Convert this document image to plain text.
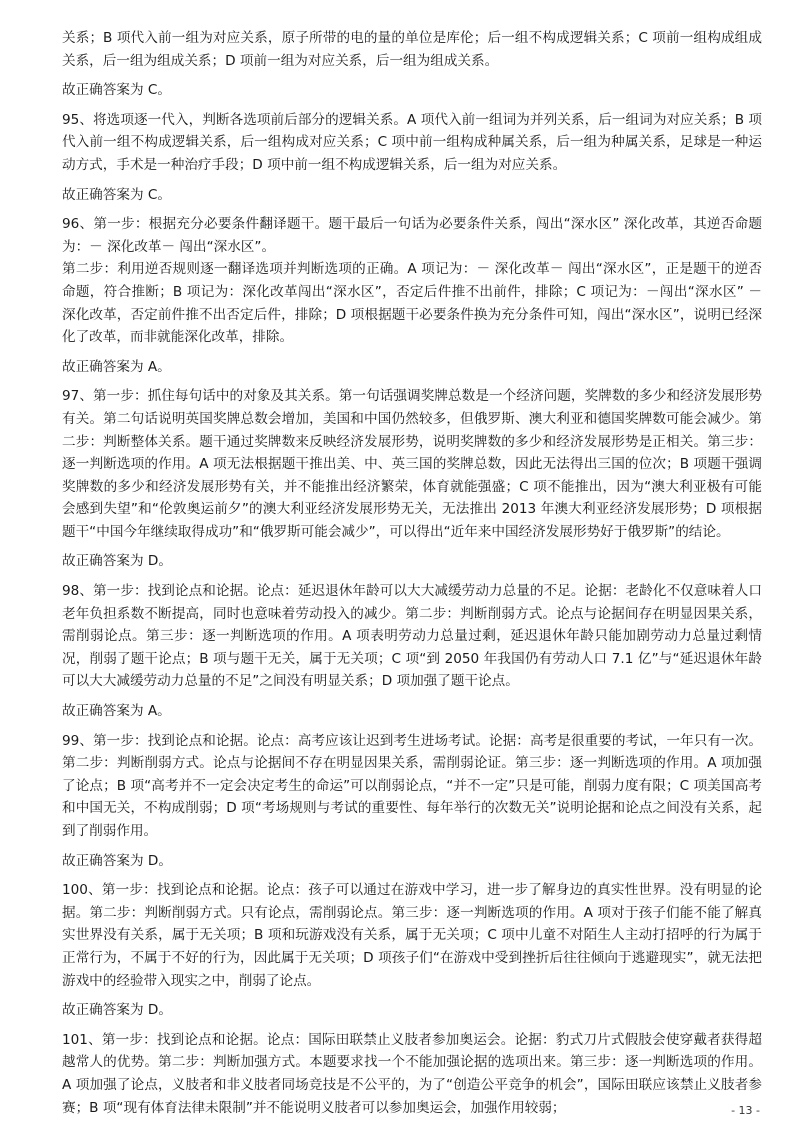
关系；B 项代入前一组为对应关系，原子所带的电的量的单位是库伦；后一组不构成逻辑关系；C 项前一组构成组成关系，后一组为组成关系；D 项前一组为对应关系，后一组为组成关系。

故正确答案为 C。

95、将选项逐一代入，判断各选项前后部分的逻辑关系。A 项代入前一组词为并列关系，后一组词为对应关系；B 项代入前一组不构成逻辑关系，后一组构成对应关系；C 项中前一组构成种属关系，后一组为种属关系，足球是一种运动方式，手术是一种治疗手段；D 项中前一组不构成逻辑关系，后一组为对应关系。

故正确答案为 C。

96、第一步：根据充分必要条件翻译题干。题干最后一句话为必要条件关系，闯出“深水区” 深化改革，其逆否命题为：－ 深化改革－ 闯出“深水区”。

第二步：利用逆否规则逐一翻译选项并判断选项的正确。A 项记为：－ 深化改革－ 闯出“深水区”，正是题干的逆否命题，符合推断；B 项记为：深化改革闯出“深水区”，否定后件推不出前件，排除；C 项记为：－闯出“深水区” － 深化改革，否定前件推不出否定后件，排除；D 项根据题干必要条件换为充分条件可知，闯出“深水区”，说明已经深化了改革，而非就能深化改革，排除。

故正确答案为 A。

97、第一步：抓住每句话中的对象及其关系。第一句话强调奖牌总数是一个经济问题，奖牌数的多少和经济发展形势有关。第二句话说明英国奖牌总数会增加，美国和中国仍然较多，但俄罗斯、澳大利亚和德国奖牌数可能会减少。第二步：判断整体关系。题干通过奖牌数来反映经济发展形势，说明奖牌数的多少和经济发展形势是正相关。第三步：逐一判断选项的作用。A 项无法根据题干推出美、中、英三国的奖牌总数，因此无法得出三国的位次；B 项题干强调奖牌数的多少和经济发展形势有关，并不能推出经济繁荣，体育就能强盛；C 项不能推出，因为“澳大利亚极有可能会感到失望”和“伦敦奥运前夕”的澳大利亚经济发展形势无关，无法推出 2013 年澳大利亚经济发展形势；D 项根据题干“中国今年继续取得成功”和“俄罗斯可能会减少”，可以得出“近年来中国经济发展形势好于俄罗斯”的结论。

故正确答案为 D。

98、第一步：找到论点和论据。论点：延迟退休年龄可以大大减缓劳动力总量的不足。论据：老龄化不仅意味着人口老年负担系数不断提高，同时也意味着劳动投入的减少。第二步：判断削弱方式。论点与论据间存在明显因果关系，需削弱论点。第三步：逐一判断选项的作用。A 项表明劳动力总量过剩，延迟退休年龄只能加剧劳动力总量过剩情况，削弱了题干论点；B 项与题干无关，属于无关项；C 项“到 2050 年我国仍有劳动人口 7.1 亿”与“延迟退休年龄可以大大减缓劳动力总量的不足”之间没有明显关系；D 项加强了题干论点。

故正确答案为 A。

99、第一步：找到论点和论据。论点：高考应该让迟到考生进场考试。论据：高考是很重要的考试，一年只有一次。第二步：判断削弱方式。论点与论据间不存在明显因果关系，需削弱论证。第三步：逐一判断选项的作用。A 项加强了论点；B 项“高考并不一定会决定考生的命运”可以削弱论点，“并不一定”只是可能，削弱力度有限；C 项美国高考和中国无关，不构成削弱；D 项“考场规则与考试的重要性、每年举行的次数无关”说明论据和论点之间没有关系，起到了削弱作用。

故正确答案为 D。

100、第一步：找到论点和论据。论点：孩子可以通过在游戏中学习，进一步了解身边的真实性世界。没有明显的论据。第二步：判断削弱方式。只有论点，需削弱论点。第三步：逐一判断选项的作用。A 项对于孩子们能不能了解真实世界没有关系，属于无关项；B 项和玩游戏没有关系，属于无关项；C 项中儿童不对陌生人主动打招呼的行为属于正常行为，不属于不好的行为，因此属于无关项；D 项孩子们“在游戏中受到挫折后往往倾向于逃避现实”，就无法把游戏中的经验带入现实之中，削弱了论点。

故正确答案为 D。

101、第一步：找到论点和论据。论点：国际田联禁止义肢者参加奥运会。论据：豹式刀片式假肢会使穿戴者获得超越常人的优势。第二步：判断加强方式。本题要求找一个不能加强论据的选项出来。第三步：逐一判断选项的作用。A 项加强了论点，义肢者和非义肢者同场竞技是不公平的，为了“创造公平竞争的机会”，国际田联应该禁止义肢者参赛；B 项“现有体育法律未限制”并不能说明义肢者可以参加奥运会，加强作用较弱；	- 13 -
